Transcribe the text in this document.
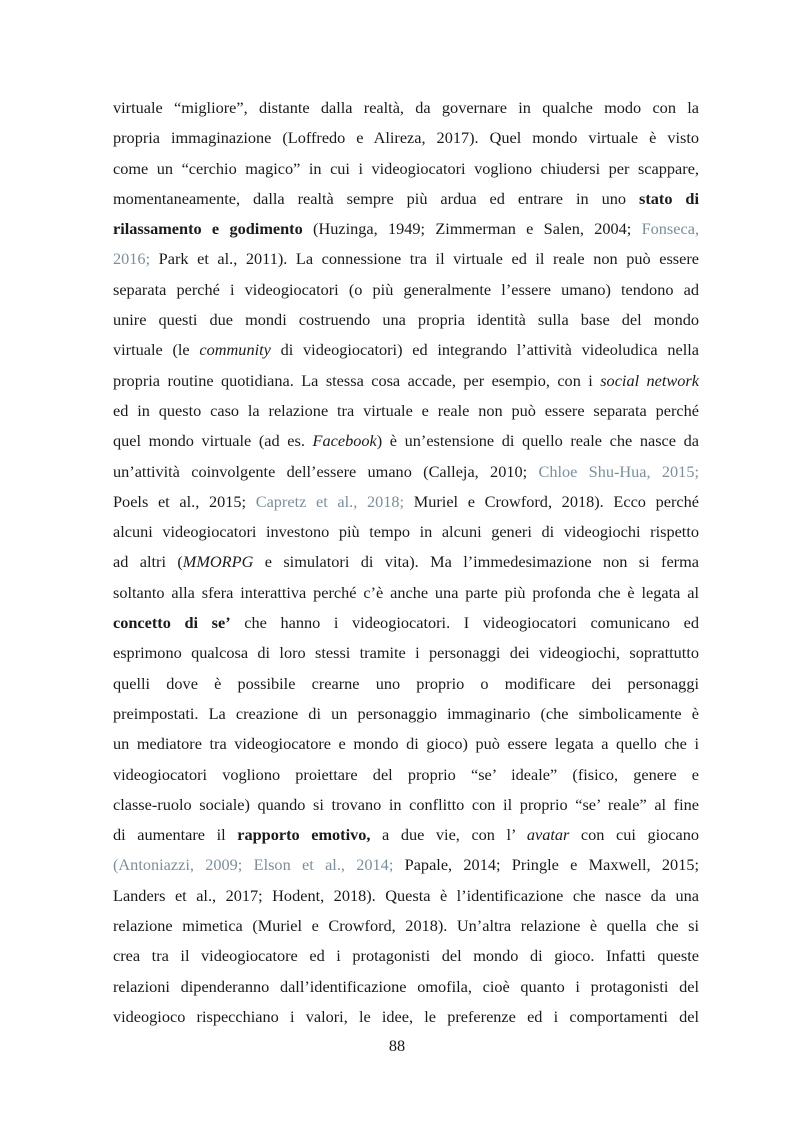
virtuale “migliore”, distante dalla realtà, da governare in qualche modo con la
propria immaginazione (Loffredo e Alireza, 2017). Quel mondo virtuale è visto
come un “cerchio magico” in cui i videogiocatori vogliono chiudersi per scappare,
momentaneamente, dalla realtà sempre più ardua ed entrare in uno stato di
rilassamento e godimento (Huzinga, 1949; Zimmerman e Salen, 2004; Fonseca,
2016; Park et al., 2011). La connessione tra il virtuale ed il reale non può essere
separata perché i videogiocatori (o più generalmente l’essere umano) tendono ad
unire questi due mondi costruendo una propria identità sulla base del mondo
virtuale (le community di videogiocatori) ed integrando l’attività videoludica nella
propria routine quotidiana. La stessa cosa accade, per esempio, con i social network
ed in questo caso la relazione tra virtuale e reale non può essere separata perché
quel mondo virtuale (ad es. Facebook) è un’estensione di quello reale che nasce da
un’attività coinvolgente dell’essere umano (Calleja, 2010; Chloe Shu-Hua, 2015;
Poels et al., 2015; Capretz et al., 2018; Muriel e Crowford, 2018). Ecco perché
alcuni videogiocatori investono più tempo in alcuni generi di videogiochi rispetto
ad altri (MMORPG e simulatori di vita). Ma l’immedesimazione non si ferma
soltanto alla sfera interattiva perché c’è anche una parte più profonda che è legata al
concetto di se’ che hanno i videogiocatori. I videogiocatori comunicano ed
esprimono qualcosa di loro stessi tramite i personaggi dei videogiochi, soprattutto
quelli dove è possibile crearne uno proprio o modificare dei personaggi
preimpostati. La creazione di un personaggio immaginario (che simbolicamente è
un mediatore tra videogiocatore e mondo di gioco) può essere legata a quello che i
videogiocatori vogliono proiettare del proprio “se’ ideale” (fisico, genere e
classe-ruolo sociale) quando si trovano in conflitto con il proprio “se’ reale” al fine
di aumentare il rapporto emotivo, a due vie, con l’ avatar con cui giocano
(Antoniazzi, 2009; Elson et al., 2014; Papale, 2014; Pringle e Maxwell, 2015;
Landers et al., 2017; Hodent, 2018). Questa è l’identificazione che nasce da una
relazione mimetica (Muriel e Crowford, 2018). Un’altra relazione è quella che si
crea tra il videogiocatore ed i protagonisti del mondo di gioco. Infatti queste
relazioni dipenderanno dall’identificazione omofila, cioè quanto i protagonisti del
videogioco rispecchiano i valori, le idee, le preferenze ed i comportamenti del
88
